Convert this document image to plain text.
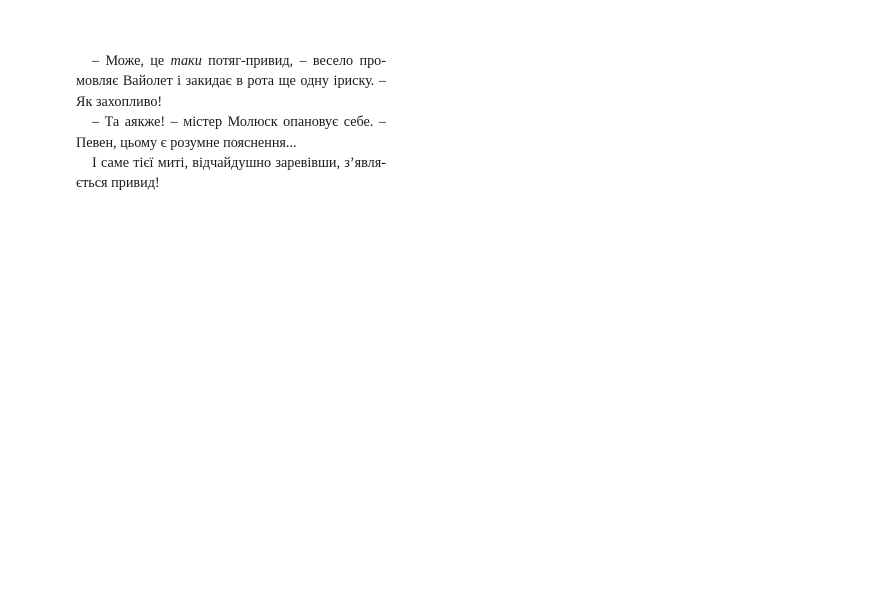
– Може, це таки потяг-привид, – весело про-
мовляє Вайолет і закидає в рота ще одну іриску. –
Як захопливо!
– Та аякже! – містер Молюск опановує себе. –
Певен, цьому є розумне пояснення...
І саме тієї миті, відчайдушно заревівши, з’явля-
ється привид!
